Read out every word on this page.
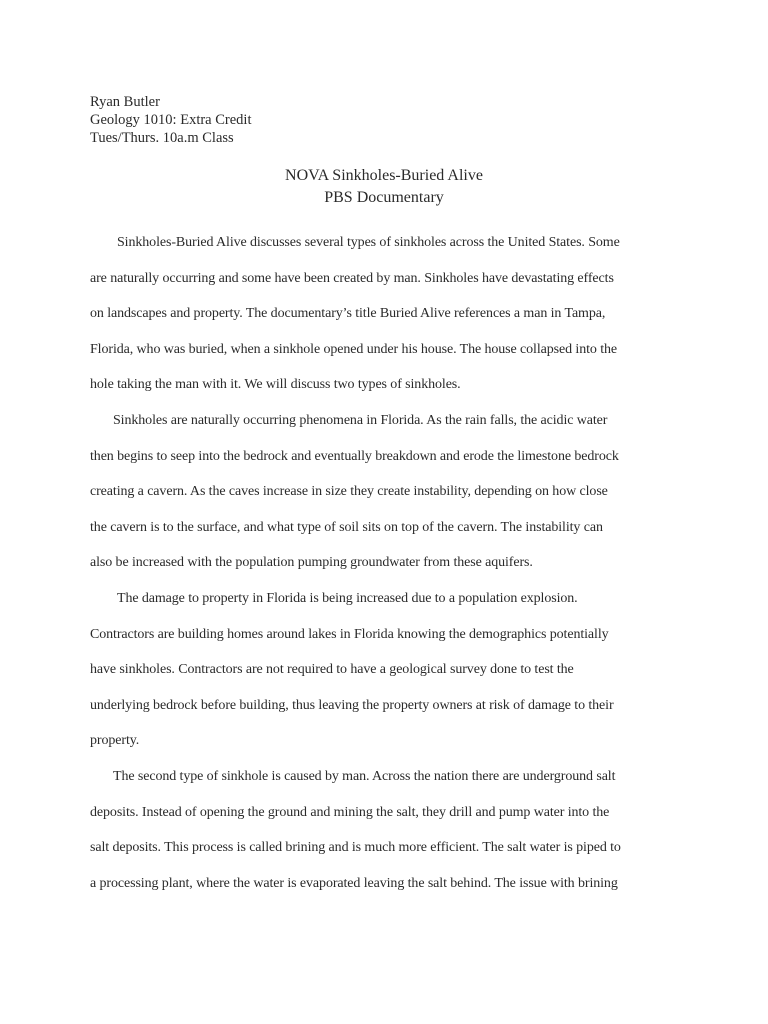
Ryan Butler
Geology 1010: Extra Credit
Tues/Thurs. 10a.m Class
NOVA Sinkholes-Buried Alive
PBS Documentary
Sinkholes-Buried Alive discusses several types of sinkholes across the United States. Some
are naturally occurring and some have been created by man. Sinkholes have devastating effects
on landscapes and property. The documentary’s title Buried Alive references a man in Tampa,
Florida, who was buried, when a sinkhole opened under his house. The house collapsed into the
hole taking the man with it. We will discuss two types of sinkholes.
Sinkholes are naturally occurring phenomena in Florida. As the rain falls, the acidic water
then begins to seep into the bedrock and eventually breakdown and erode the limestone bedrock
creating a cavern. As the caves increase in size they create instability, depending on how close
the cavern is to the surface, and what type of soil sits on top of the cavern. The instability can
also be increased with the population pumping groundwater from these aquifers.
The damage to property in Florida is being increased due to a population explosion.
Contractors are building homes around lakes in Florida knowing the demographics potentially
have sinkholes. Contractors are not required to have a geological survey done to test the
underlying bedrock before building, thus leaving the property owners at risk of damage to their
property.
The second type of sinkhole is caused by man. Across the nation there are underground salt
deposits. Instead of opening the ground and mining the salt, they drill and pump water into the
salt deposits. This process is called brining and is much more efficient. The salt water is piped to
a processing plant, where the water is evaporated leaving the salt behind. The issue with brining
